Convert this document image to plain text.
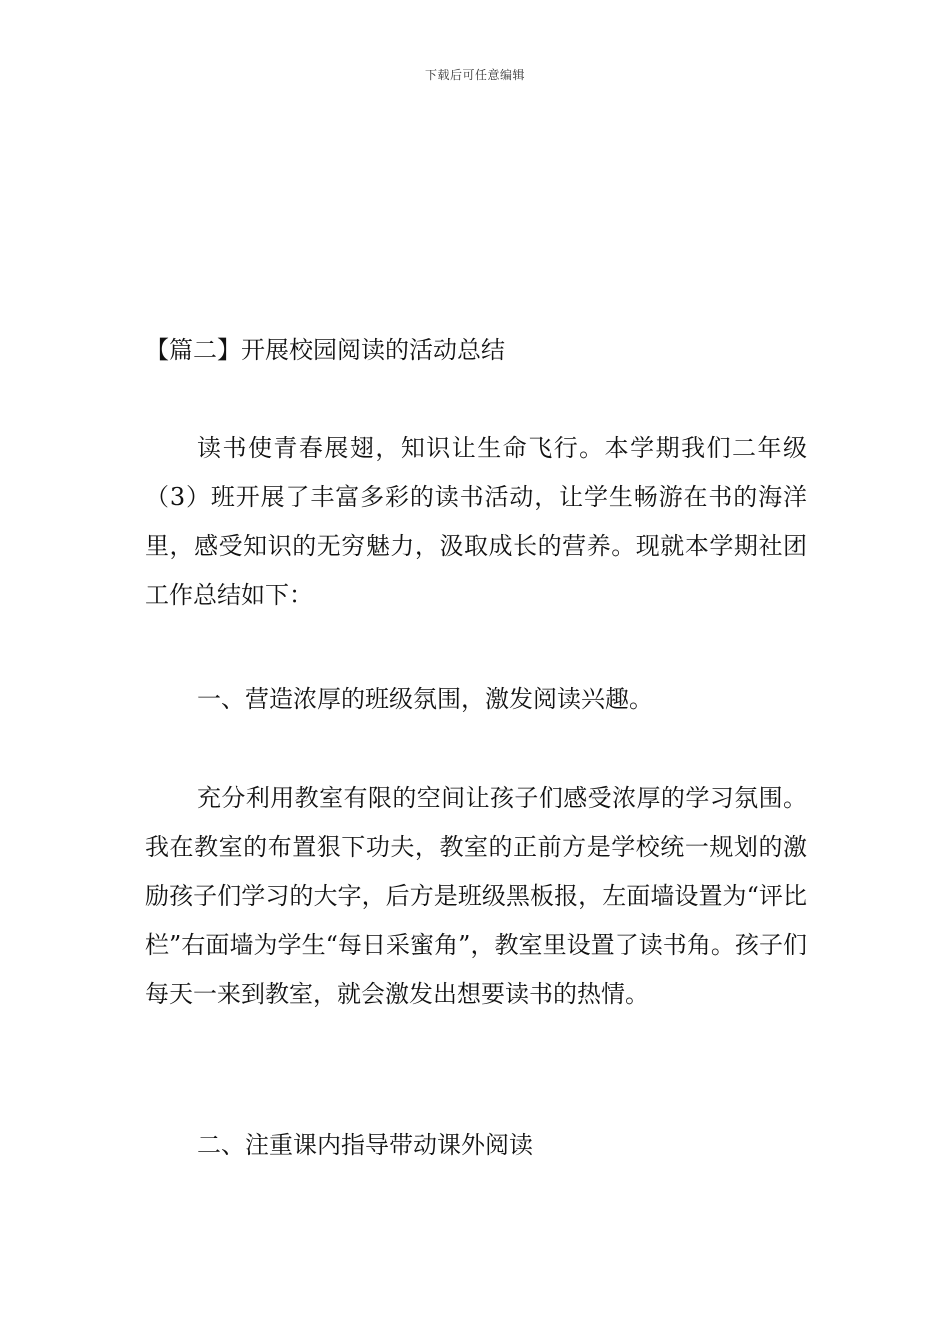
下载后可任意编辑
【篇二】开展校园阅读的活动总结

读书使青春展翅，知识让生命飞行。本学期我们二年级（3）班开展了丰富多彩的读书活动，让学生畅游在书的海洋里，感受知识的无穷魅力，汲取成长的营养。现就本学期社团工作总结如下：

一、营造浓厚的班级氛围，激发阅读兴趣。

充分利用教室有限的空间让孩子们感受浓厚的学习氛围。我在教室的布置狠下功夫，教室的正前方是学校统一规划的激励孩子们学习的大字，后方是班级黑板报，左面墙设置为“评比栏”右面墙为学生“每日采蜜角”，教室里设置了读书角。孩子们每天一来到教室，就会激发出想要读书的热情。

二、注重课内指导带动课外阅读
